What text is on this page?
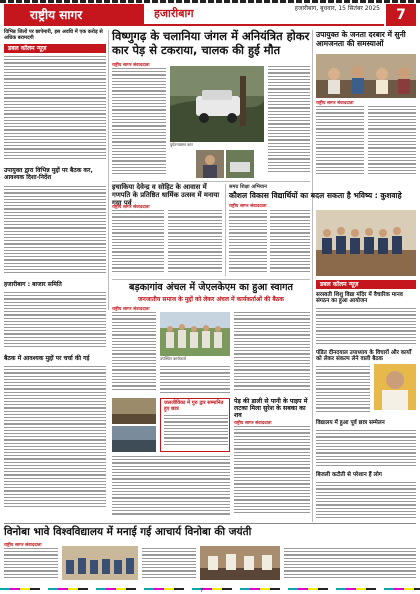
राष्ट्रीय सागर	हजारीबाग	हजारीबाग, बुधवार, 15 सितंबर 2025	7
विभिन्न जिलों पर छापेमारी, इस अवधि में एक करोड़ से अधिक बरामदगी
डबल कॉलम न्यूज़
उपायुक्त द्वारा विभिन्न मुद्दों पर बैठक कर, आवश्यक दिशा-निर्देश
हजारीबाग : बाजार समिति
बैठक में आवश्यक मुद्दों पर चर्चा की गई
विष्णुगढ़ के चलानिया जंगल में अनियंत्रित होकर कार पेड़ से टकराया, चालक की हुई मौत
राष्ट्रीय सागर संवाददाता
दुर्घटनाग्रस्त कार
उपायुक्त के जनता दरबार में सुनी आमजनता की समस्याओं
राष्ट्रीय सागर संवाददाता
इचाकिया देवेन्द्र व सोहिट के आवास में गणपति के प्रतिष्ठित धार्मिक उत्सव में मनाया गया पर्व
राष्ट्रीय सागर संवाददाता
समग्र शिक्षा अभियान
कौशल विकास विद्यार्थियों का बदल सकता है भविष्य : कुशवाहे
राष्ट्रीय सागर संवाददाता
डबल कॉलम न्यूज़
सरस्वती शिशु विद्या मंदिर में वैचारिक मानव संगठन का हुआ आयोजन
पंडित दीनदयाल उपाध्याय के विचारों और कार्यों को लेकर संकल्प लेने वाली बैठक
विद्यालय में हुआ पूर्व छात्र सम्मेलन
बिजली कटौती से परेशान हैं लोग
बड़कागांव अंचल में जेएलकेएम का हुआ स्वागत
जनजातीय समाज के मुद्दों को लेकर अंचल में कार्यकर्ताओं की बैठक
राष्ट्रीय सागर संवाददाता
उपस्थित कार्यकर्ता
जलजीविका में गुरु द्वार सम्मानित हुए छात्र
पेड़ की डाली से पानी के पाइप में लटका मिला सुरेश के सबका का शव
राष्ट्रीय सागर संवाददाता
विनोबा भावे विश्वविद्यालय में मनाई गई आचार्य विनोबा की जयंती
राष्ट्रीय सागर संवाददाता
7
